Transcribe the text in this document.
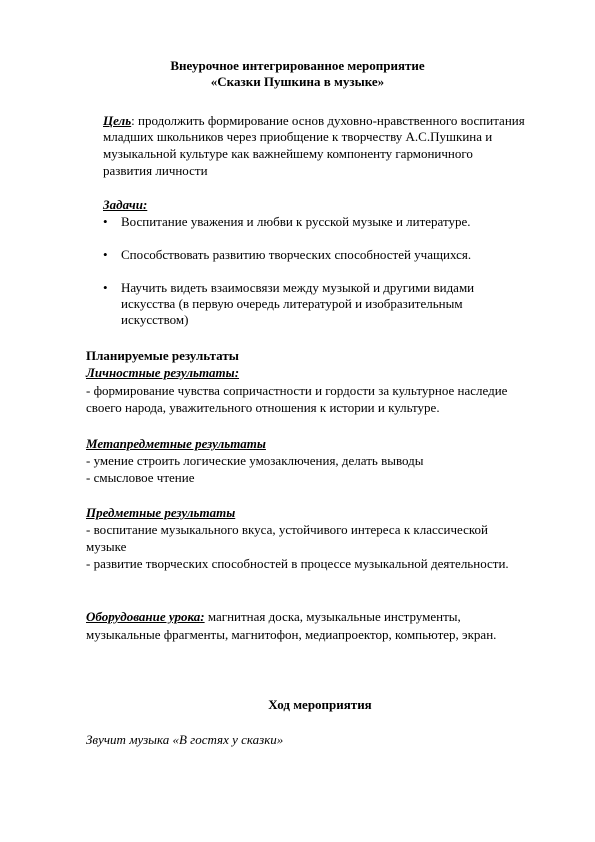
Внеурочное интегрированное мероприятие
«Сказки Пушкина в музыке»
Цель: продолжить формирование основ духовно-нравственного воспитания
младших школьников через приобщение к творчеству А.С.Пушкина и
музыкальной культуре как важнейшему компоненту гармоничного
развития личности
Задачи:
•	Воспитание уважения и любви к русской музыке и литературе.
•	Способствовать развитию творческих способностей учащихся.
•	Научить видеть взаимосвязи между музыкой и другими видами искусства (в первую очередь литературой и изобразительным искусством)
Планируемые результаты
Личностные результаты:
- формирование чувства сопричастности и гордости за культурное наследие
своего народа, уважительного отношения к истории и культуре.
Метапредметные результаты
- умение строить логические умозаключения, делать выводы
- смысловое чтение
Предметные результаты
- воспитание музыкального вкуса, устойчивого интереса к классической
музыке
- развитие творческих способностей в процессе музыкальной деятельности.
Оборудование урока: магнитная доска, музыкальные инструменты,
музыкальные фрагменты, магнитофон, медиапроектор, компьютер, экран.
Ход мероприятия
Звучит музыка «В гостях у сказки»
